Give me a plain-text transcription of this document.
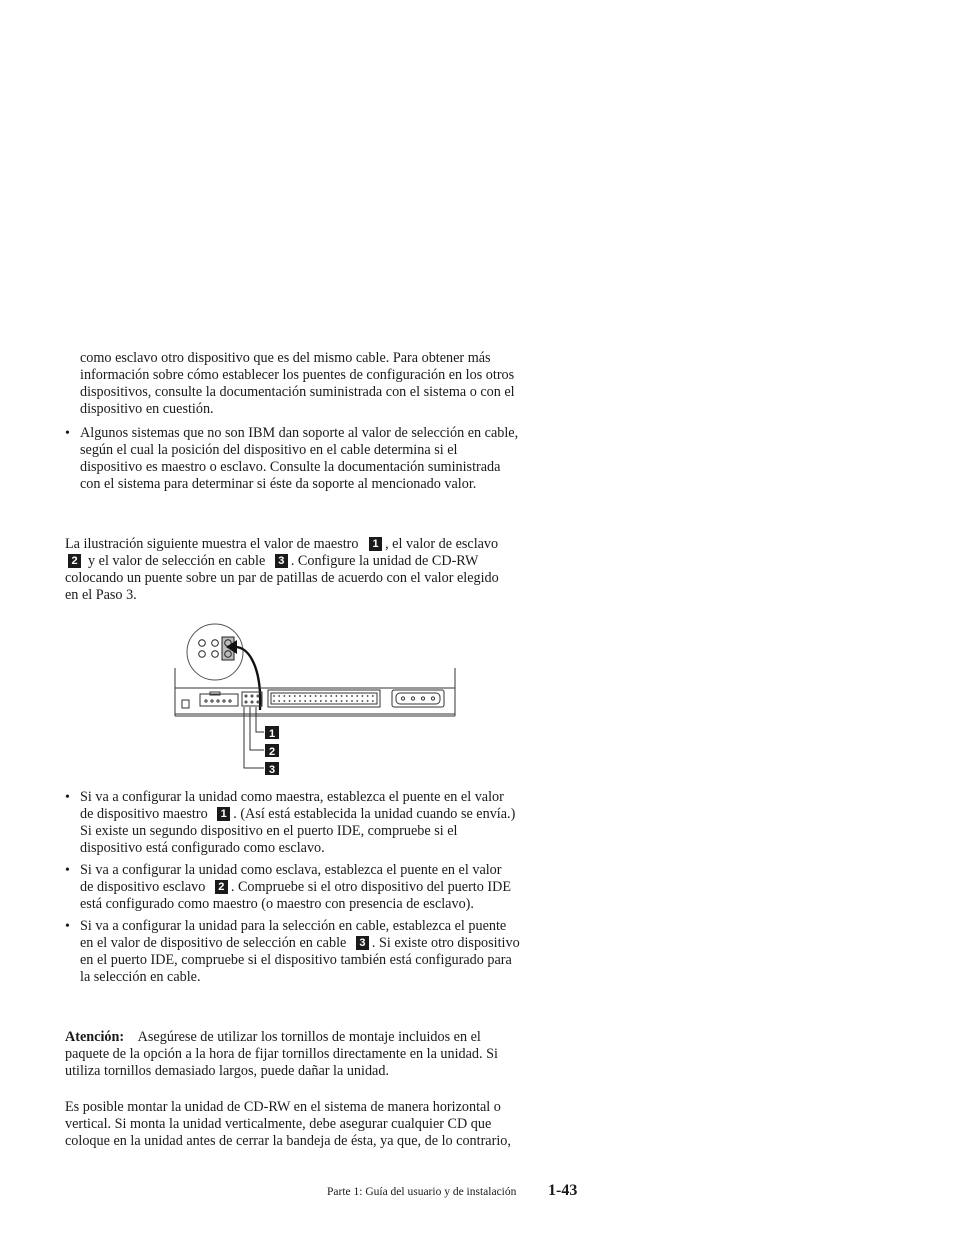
como esclavo otro dispositivo que es del mismo cable. Para obtener más

información sobre cómo establecer los puentes de configuración en los otros

dispositivos, consulte la documentación suministrada con el sistema o con el

dispositivo en cuestión.

• Algunos sistemas que no son IBM dan soporte al valor de selección en cable,

según el cual la posición del dispositivo en el cable determina si el

dispositivo es maestro o esclavo. Consulte la documentación suministrada

con el sistema para determinar si éste da soporte al mencionado valor.

La ilustración siguiente muestra el valor de maestro 1 , el valor de esclavo

2 y el valor de selección en cable 3 . Configure la unidad de CD-RW

colocando un puente sobre un par de patillas de acuerdo con el valor elegido

en el Paso 3.

1
2
3
• Si va a configurar la unidad como maestra, establezca el puente en el valor

de dispositivo maestro 1 . (Así está establecida la unidad cuando se envía.)

Si existe un segundo dispositivo en el puerto IDE, compruebe si el

dispositivo está configurado como esclavo.

• Si va a configurar la unidad como esclava, establezca el puente en el valor

de dispositivo esclavo 2 . Compruebe si el otro dispositivo del puerto IDE

está configurado como maestro (o maestro con presencia de esclavo).

• Si va a configurar la unidad para la selección en cable, establezca el puente

en el valor de dispositivo de selección en cable 3 . Si existe otro dispositivo

en el puerto IDE, compruebe si el dispositivo también está configurado para

la selección en cable.

Atención: Asegúrese de utilizar los tornillos de montaje incluidos en el

paquete de la opción a la hora de fijar tornillos directamente en la unidad. Si

utiliza tornillos demasiado largos, puede dañar la unidad.

Es posible montar la unidad de CD-RW en el sistema de manera horizontal o

vertical. Si monta la unidad verticalmente, debe asegurar cualquier CD que

coloque en la unidad antes de cerrar la bandeja de ésta, ya que, de lo contrario,

Parte 1: Guía del usuario y de instalación 1-43
